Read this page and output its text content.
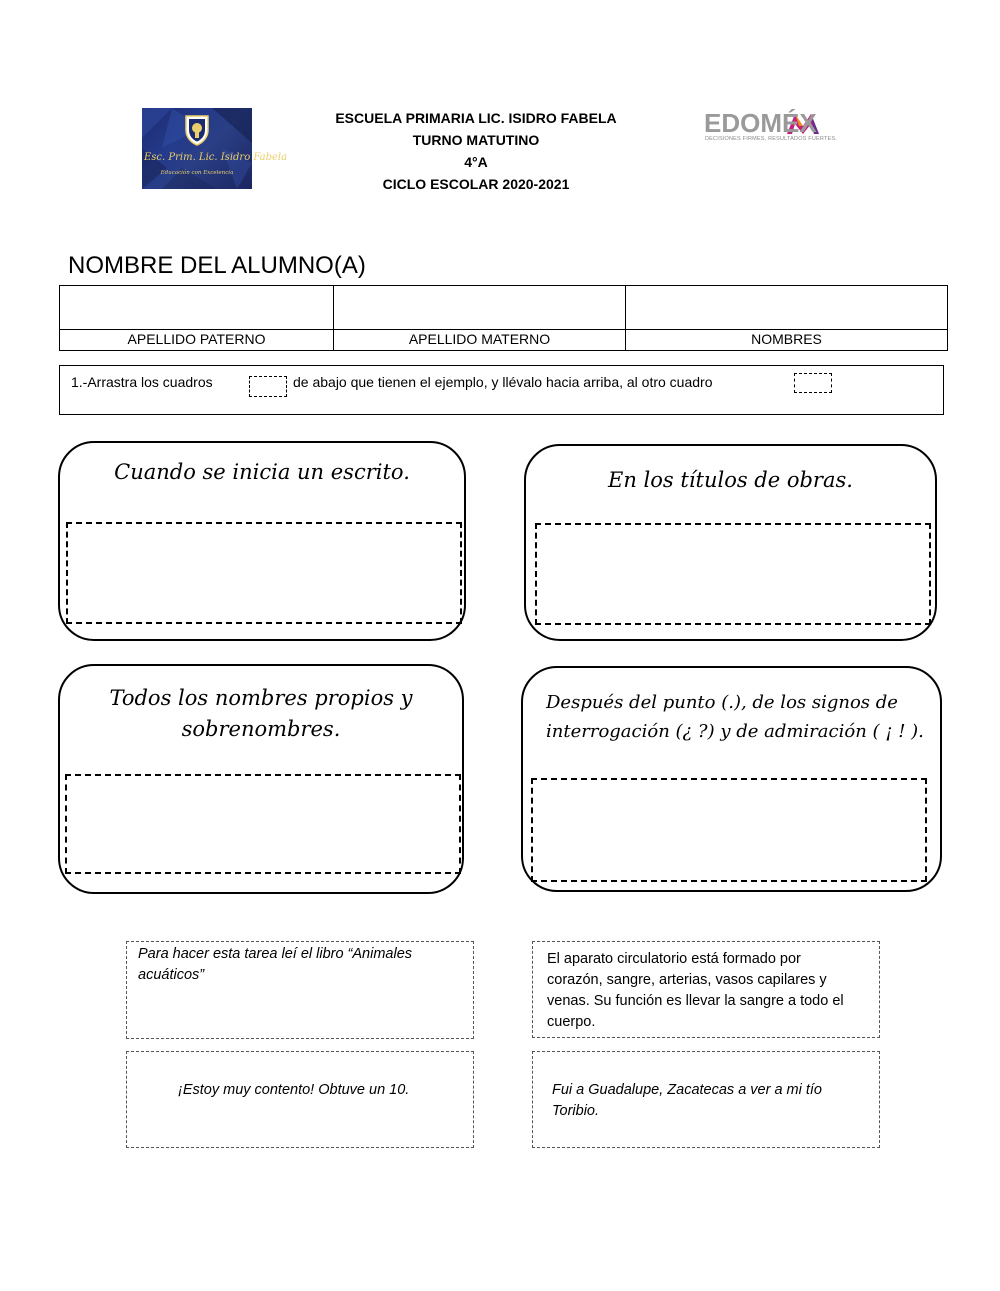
Esc. Prim. Lic. Isidro Fabela
Educación con Excelencia
ESCUELA PRIMARIA LIC. ISIDRO FABELA
TURNO MATUTINO
4°A
CICLO ESCOLAR 2020-2021
EDOMÉX
DECISIONES FIRMES, RESULTADOS FUERTES.
NOMBRE DEL ALUMNO(A)
APELLIDO PATERNO	APELLIDO MATERNO	NOMBRES
1.-Arrastra los cuadros	de abajo que tienen el ejemplo, y llévalo hacia arriba, al otro cuadro
Cuando se inicia un escrito.	En los títulos de obras.
Todos los nombres propios y
sobrenombres.
Después del punto (.), de los signos de
interrogación (¿ ?) y de admiración ( ¡ ! ).
Para hacer esta tarea leí el libro “Animales
acuáticos”
El aparato circulatorio está formado por
corazón, sangre, arterias, vasos capilares y
venas. Su función es llevar la sangre a todo el
cuerpo.
¡Estoy muy contento! Obtuve un 10.	Fui a Guadalupe, Zacatecas a ver a mi tío
Toribio.
